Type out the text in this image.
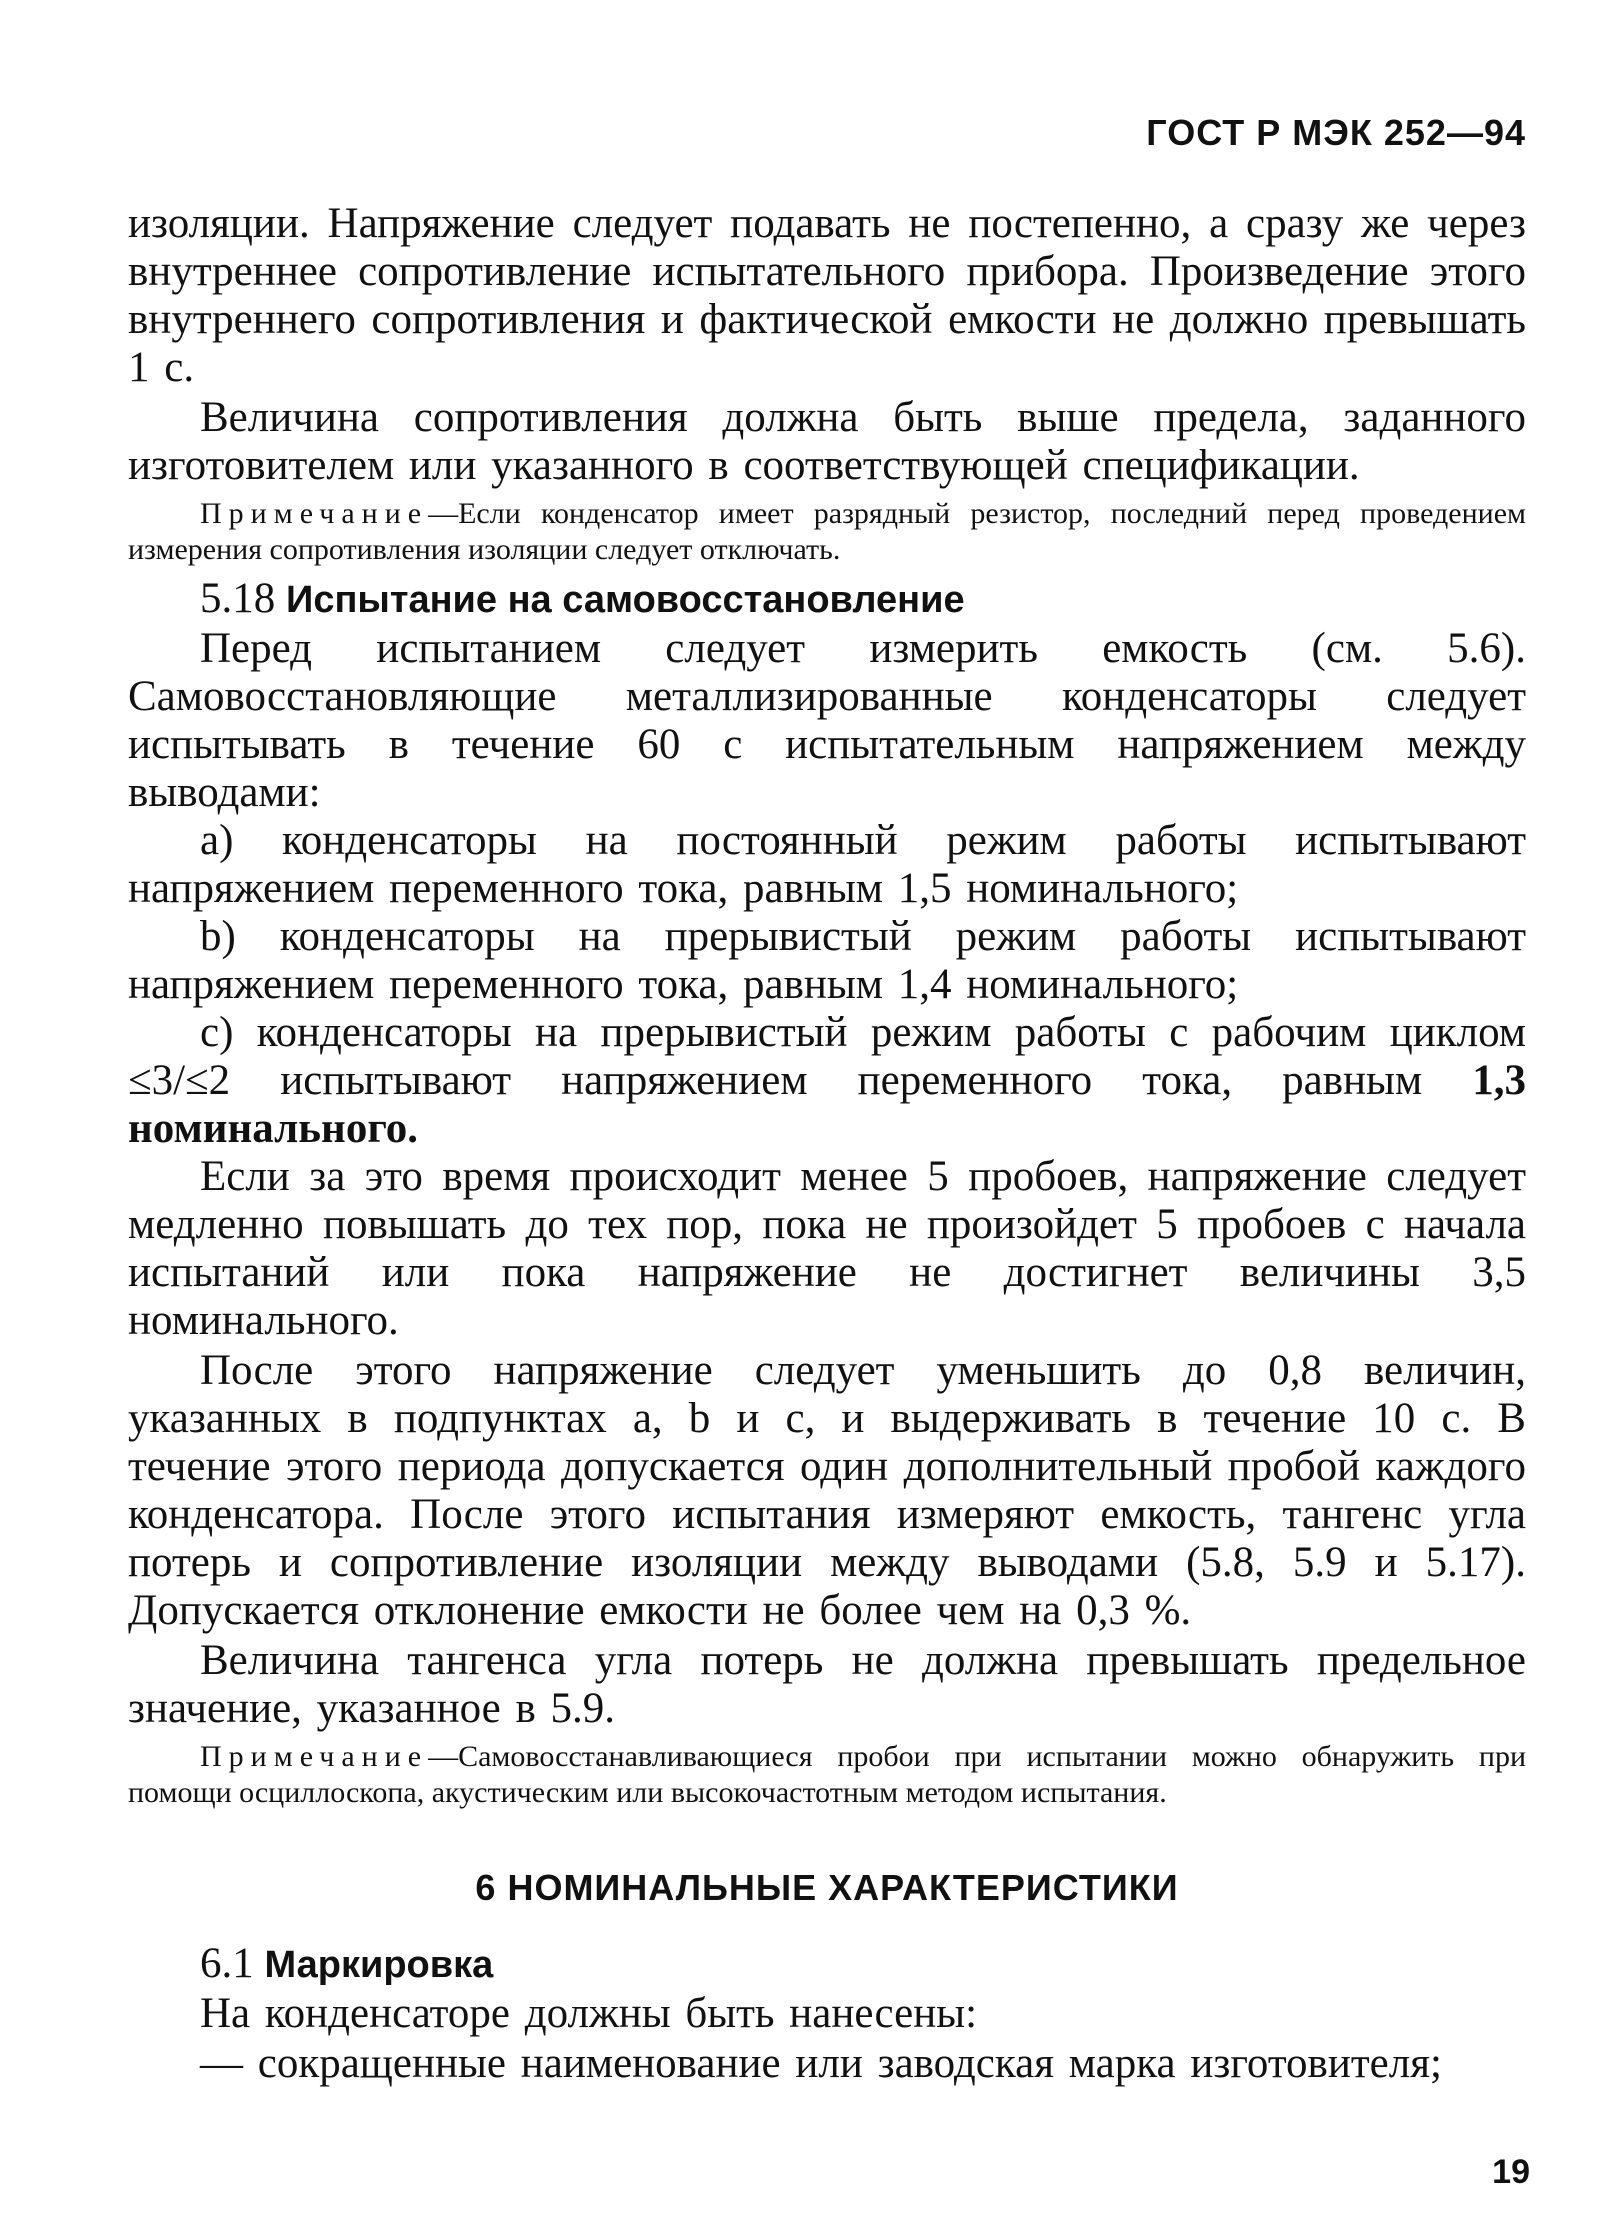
ГОСТ Р МЭК 252—94

изоляции. Напряжение следует подавать не постепенно, а сразу же через внутреннее сопротивление испытательного прибора. Произведение этого внутреннего сопротивления и фактической емкости не должно превышать 1 с.

Величина сопротивления должна быть выше предела, заданного изготовителем или указанного в соответствующей спецификации.

Примечание—Если конденсатор имеет разрядный резистор, последний перед проведением измерения сопротивления изоляции следует отключать.

5.18 Испытание на самовосстановление

Перед испытанием следует измерить емкость (см. 5.6). Самовосстановляющие металлизированные конденсаторы следует испытывать в течение 60 с испытательным напряжением между выводами:

а) конденсаторы на постоянный режим работы испытывают напряжением переменного тока, равным 1,5 номинального;

b) конденсаторы на прерывистый режим работы испытывают напряжением переменного тока, равным 1,4 номинального;

с) конденсаторы на прерывистый режим работы с рабочим циклом ≤3/≤2 испытывают напряжением переменного тока, равным 1,3 номинального.

Если за это время происходит менее 5 пробоев, напряжение следует медленно повышать до тех пор, пока не произойдет 5 пробоев с начала испытаний или пока напряжение не достигнет величины 3,5 номинального.

После этого напряжение следует уменьшить до 0,8 величин, указанных в подпунктах а, b и с, и выдерживать в течение 10 с. В течение этого периода допускается один дополнительный пробой каждого конденсатора. После этого испытания измеряют емкость, тангенс угла потерь и сопротивление изоляции между выводами (5.8, 5.9 и 5.17). Допускается отклонение емкости не более чем на 0,3 %.

Величина тангенса угла потерь не должна превышать предельное значение, указанное в 5.9.

Примечание—Самовосстанавливающиеся пробои при испытании можно обнаружить при помощи осциллоскопа, акустическим или высокочастотным методом испытания.

6 НОМИНАЛЬНЫЕ ХАРАКТЕРИСТИКИ

6.1 Маркировка

На конденсаторе должны быть нанесены:

— сокращенные наименование или заводская марка изготовителя;

19
